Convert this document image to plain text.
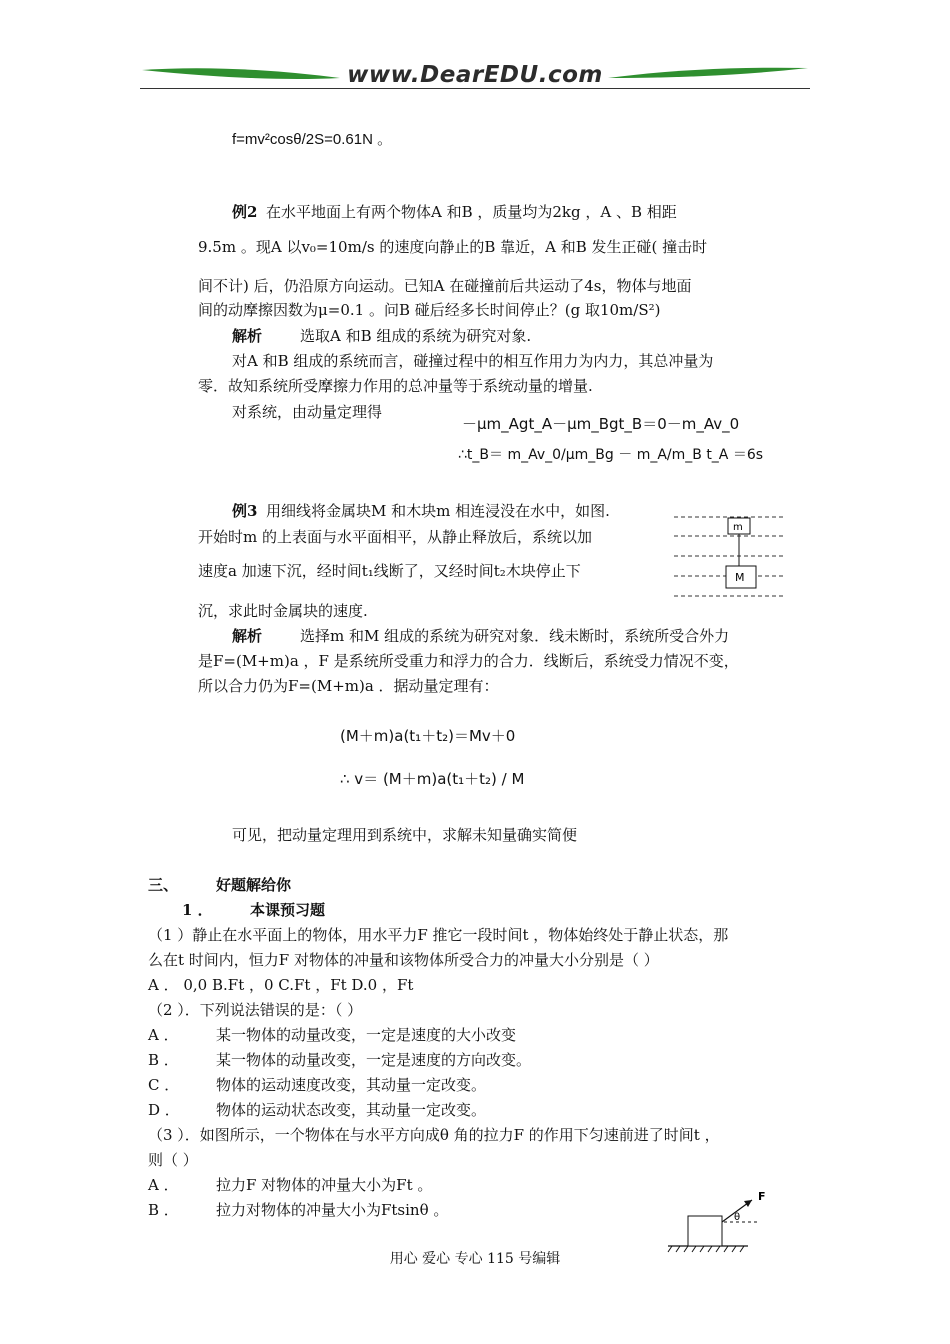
www.DearEDU.com
f=mv²cosθ/2S=0.61N 。
例2 在水平地面上有两个物体A 和B ，质量均为2kg ，A 、B 相距
9.5m 。现A 以v₀=10m/s 的速度向静止的B 靠近，A 和B 发生正碰( 撞击时
间不计) 后，仍沿原方向运动。已知A 在碰撞前后共运动了4s，物体与地面
间的动摩擦因数为μ=0.1 。问B 碰后经多长时间停止？(g 取10m/S²)
解析	选取A 和B 组成的系统为研究对象.
对A 和B 组成的系统而言，碰撞过程中的相互作用力为内力，其总冲量为
零．故知系统所受摩擦力作用的总冲量等于系统动量的增量.
对系统，由动量定理得
－μm_Agt_A－μm_Bgt_B＝0－m_Av_0
∴t_B＝ m_Av_0/μm_Bg － m_A/m_B t_A ＝6s
例3 用细线将金属块M 和木块m 相连浸没在水中，如图.
开始时m 的上表面与水平面相平，从静止释放后，系统以加
速度a 加速下沉，经时间t₁线断了，又经时间t₂木块停止下
沉，求此时金属块的速度.
m
M
解析	选择m 和M 组成的系统为研究对象．线未断时，系统所受合外力
是F=(M+m)a ，F 是系统所受重力和浮力的合力．线断后，系统受力情况不变，
所以合力仍为F=(M+m)a ．据动量定理有：
(M＋m)a(t₁＋t₂)＝Mv＋0
∴ v＝ (M＋m)a(t₁＋t₂) / M
可见，把动量定理用到系统中，求解未知量确实简便
三、	好题解给你
1 ． 本课预习题
（1 ）静止在水平面上的物体，用水平力F 推它一段时间t ，物体始终处于静止状态，那
么在t 时间内，恒力F 对物体的冲量和该物体所受合力的冲量大小分别是（ ）
A ． 0,0 B.Ft ，0 C.Ft ，Ft D.0 ，Ft
（2 ）．下列说法错误的是：（ ）
A ． 某一物体的动量改变，一定是速度的大小改变
B ． 某一物体的动量改变，一定是速度的方向改变。
C ． 物体的运动速度改变，其动量一定改变。
D ． 物体的运动状态改变，其动量一定改变。
（3 ）．如图所示，一个物体在与水平方向成θ 角的拉力F 的作用下匀速前进了时间t ，
则（ ）
A ． 拉力F 对物体的冲量大小为Ft 。
B ． 拉力对物体的冲量大小为Ftsinθ 。
F
θ
用心 爱心 专心 115 号编辑
